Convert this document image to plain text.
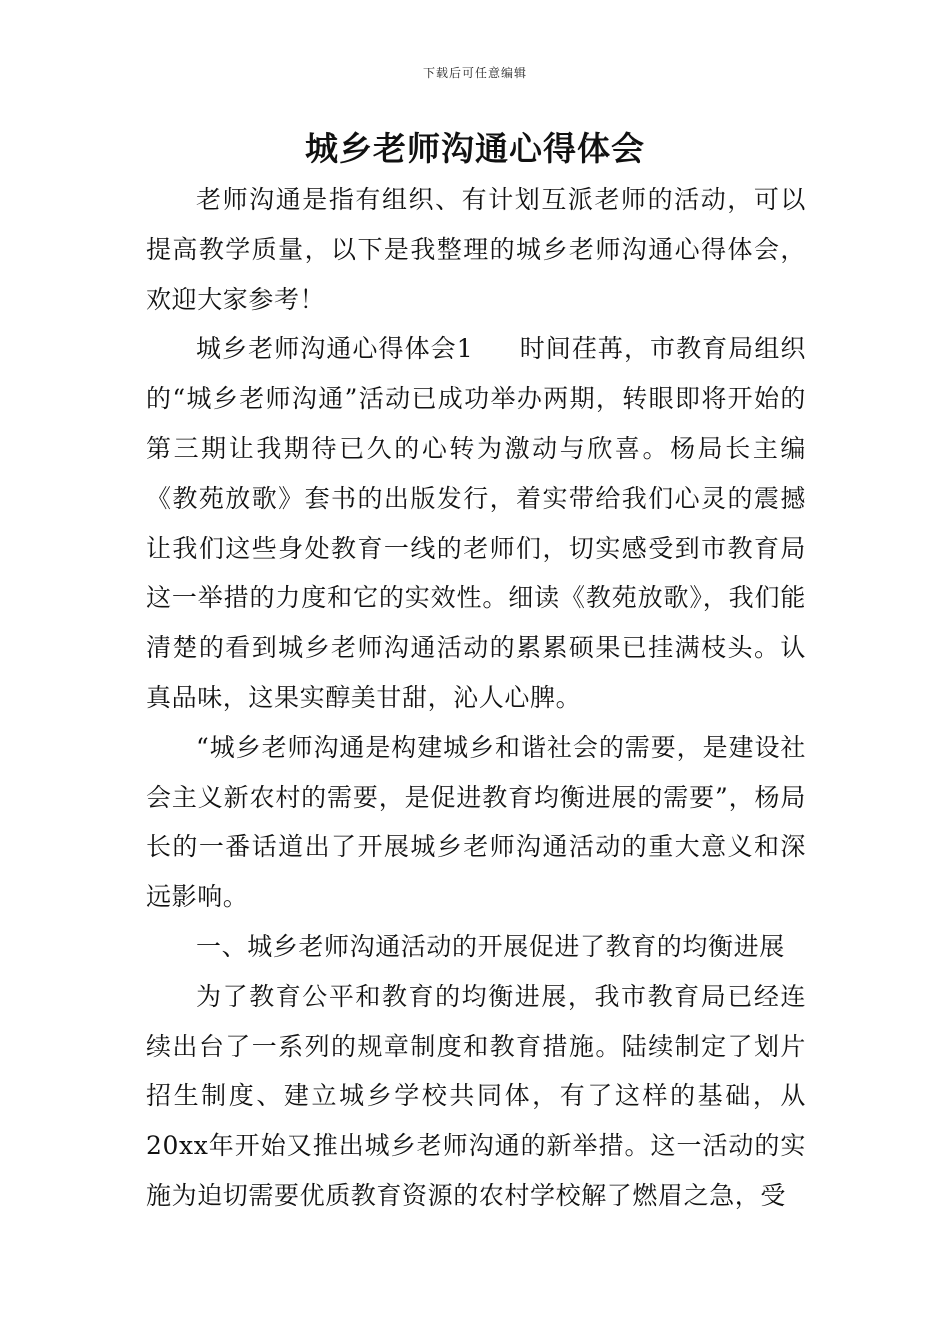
下载后可任意编辑
城乡老师沟通心得体会

老师沟通是指有组织、有计划互派老师的活动，可以提高教学质量，以下是我整理的城乡老师沟通心得体会，欢迎大家参考！

城乡老师沟通心得体会1 时间荏苒，市教育局组织的“城乡老师沟通”活动已成功举办两期，转眼即将开始的第三期让我期待已久的心转为激动与欣喜。杨局长主编《教苑放歌》套书的出版发行，着实带给我们心灵的震撼让我们这些身处教育一线的老师们，切实感受到市教育局这一举措的力度和它的实效性。细读《教苑放歌》，我们能清楚的看到城乡老师沟通活动的累累硕果已挂满枝头。认真品味，这果实醇美甘甜，沁人心脾。

“城乡老师沟通是构建城乡和谐社会的需要，是建设社会主义新农村的需要，是促进教育均衡进展的需要”，杨局长的一番话道出了开展城乡老师沟通活动的重大意义和深远影响。

一、城乡老师沟通活动的开展促进了教育的均衡进展

为了教育公平和教育的均衡进展，我市教育局已经连续出台了一系列的规章制度和教育措施。陆续制定了划片招生制度、建立城乡学校共同体，有了这样的基础，从20xx年开始又推出城乡老师沟通的新举措。这一活动的实施为迫切需要优质教育资源的农村学校解了燃眉之急，受
